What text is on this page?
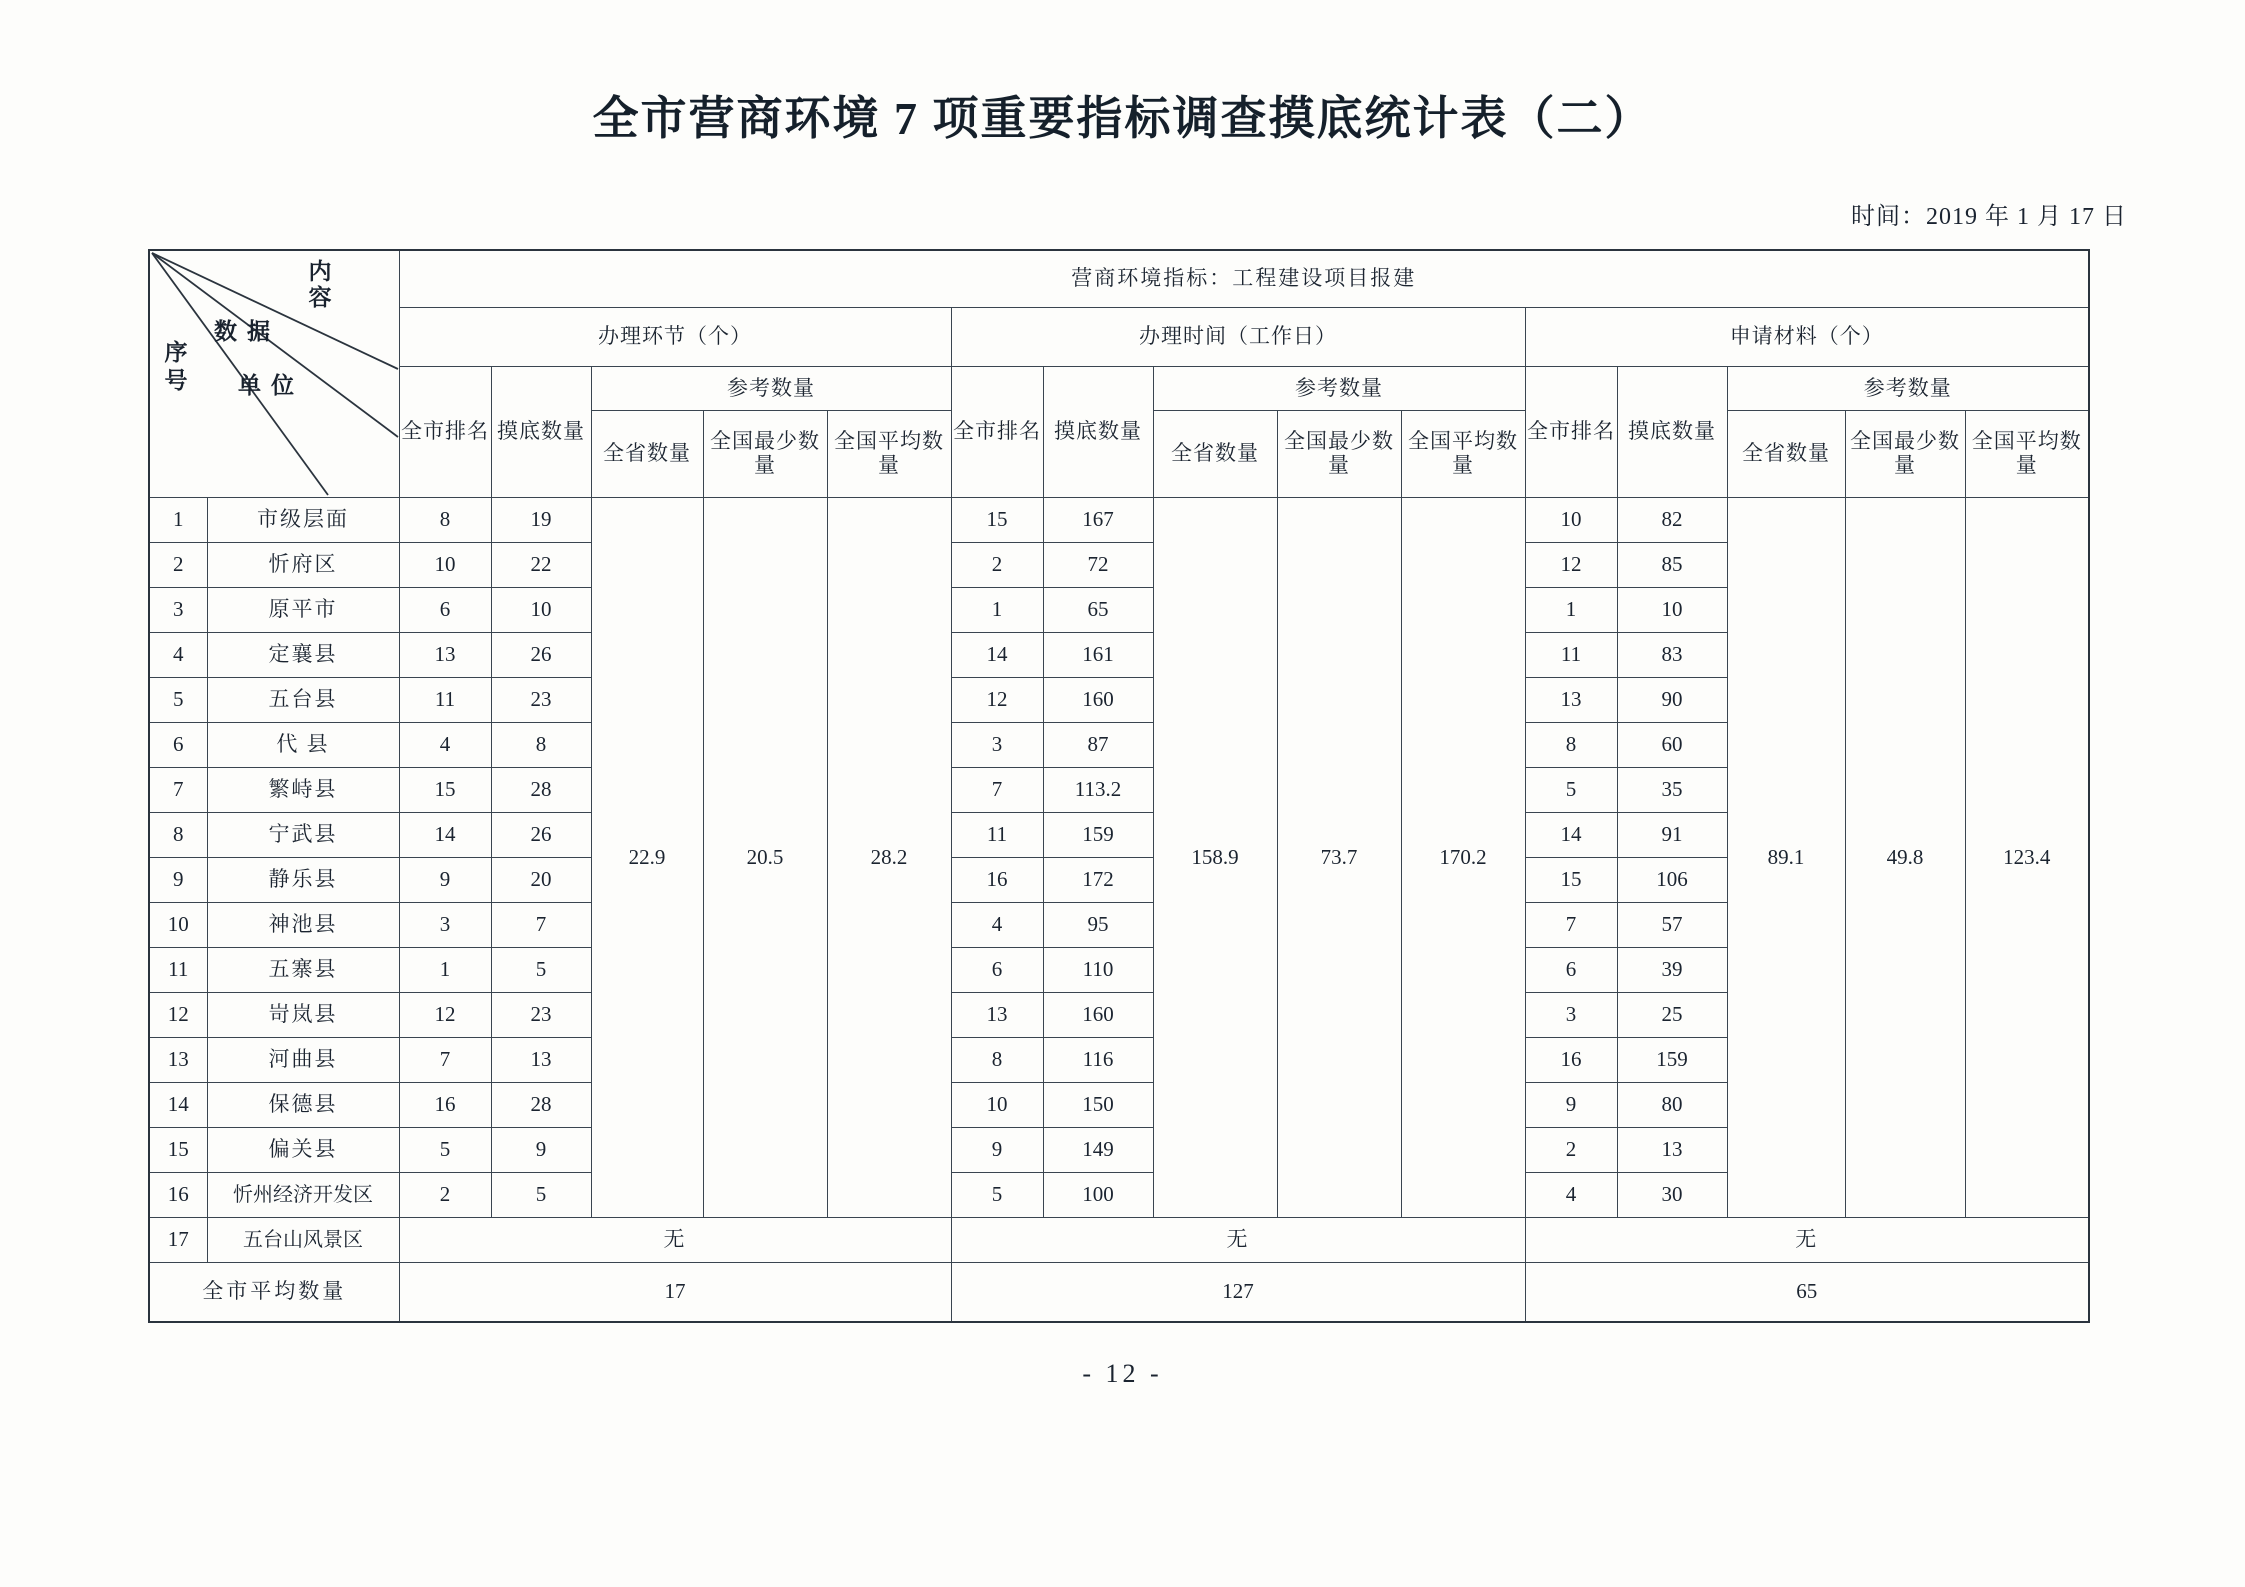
全市营商环境 7 项重要指标调查摸底统计表（二）
时间：2019 年 1 月 17 日
内容
数据
单位
序号		营商环境指标：工程建设项目报建														
		办理环节（个）					办理时间（工作日）					申请材料（个）				
		全市排名	摸底数量	参考数量			全市排名	摸底数量	参考数量			全市排名	摸底数量	参考数量		
				全省数量	全国最少数量	全国平均数量			全省数量	全国最少数量	全国平均数量			全省数量	全国最少数量	全国平均数量
1	市级层面	8	19	22.9	20.5	28.2	15	167	158.9	73.7	170.2	10	82	89.1	49.8	123.4
2	忻府区	10	22				2	72				12	85			
3	原平市	6	10				1	65				1	10			
4	定襄县	13	26				14	161				11	83			
5	五台县	11	23				12	160				13	90			
6	代 县	4	8				3	87				8	60			
7	繁峙县	15	28				7	113.2				5	35			
8	宁武县	14	26				11	159				14	91			
9	静乐县	9	20				16	172				15	106			
10	神池县	3	7				4	95				7	57			
11	五寨县	1	5				6	110				6	39			
12	岢岚县	12	23				13	160				3	25			
13	河曲县	7	13				8	116				16	159			
14	保德县	16	28				10	150				9	80			
15	偏关县	5	9				9	149				2	13			
16	忻州经济开发区	2	5				5	100				4	30			
17	五台山风景区	无					无					无				
全市平均数量		17					127					65				
- 12 -
